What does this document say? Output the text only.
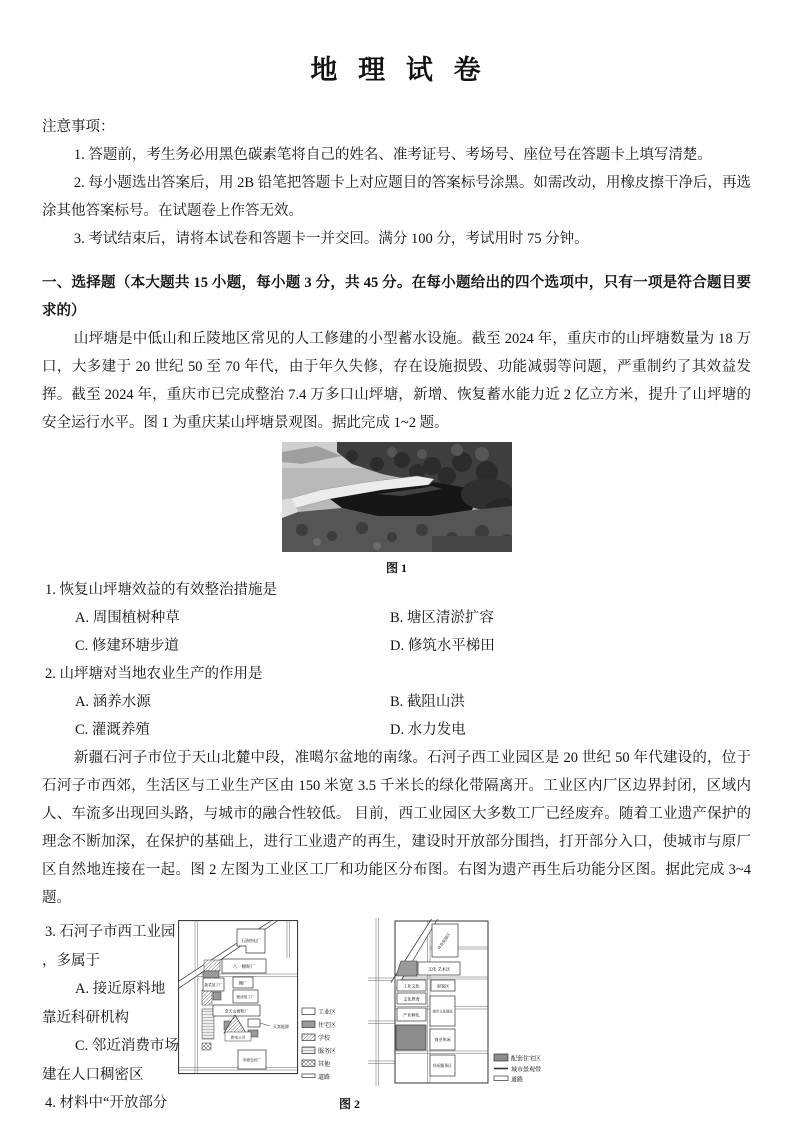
地 理 试 卷
注意事项：

1. 答题前，考生务必用黑色碳素笔将自己的姓名、准考证号、考场号、座位号在答题卡上填写清楚。

2. 每小题选出答案后，用 2B 铅笔把答题卡上对应题目的答案标号涂黑。如需改动，用橡皮擦干净后，再选涂其他答案标号。在试题卷上作答无效。

3. 考试结束后，请将本试卷和答题卡一并交回。满分 100 分，考试用时 75 分钟。

一、选择题（本大题共 15 小题，每小题 3 分，共 45 分。在每小题给出的四个选项中，只有一项是符合题目要求的）

山坪塘是中低山和丘陵地区常见的人工修建的小型蓄水设施。截至 2024 年，重庆市的山坪塘数量为 18 万口，大多建于 20 世纪 50 至 70 年代，由于年久失修，存在设施损毁、功能减弱等问题，严重制约了其效益发挥。截至 2024 年，重庆市已完成整治 7.4 万多口山坪塘，新增、恢复蓄水能力近 2 亿立方米，提升了山坪塘的安全运行水平。图 1 为重庆某山坪塘景观图。据此完成 1~2 题。

图 1

1. 恢复山坪塘效益的有效整治措施是

A. 周围植树种草	B. 塘区清淤扩容
C. 修建环塘步道	D. 修筑水平梯田

2. 山坪塘对当地农业生产的作用是

A. 涵养水源	B. 截阻山洪
C. 灌溉养殖	D. 水力发电

新疆石河子市位于天山北麓中段，准噶尔盆地的南缘。石河子西工业园区是 20 世纪 50 年代建设的，位于石河子市西郊，生活区与工业生产区由 150 米宽 3.5 千米长的绿化带隔离开。工业区内厂区边界封闭，区域内人、车流多出现回头路，与城市的融合性较低。 目前，西工业园区大多数工厂已经废弃。随着工业遗产保护的理念不断加深，在保护的基础上，进行工业遗产的再生，建设时开放部分围挡，打开部分入口，使城市与原厂区自然地连接在一起。图 2 左图为工业区工厂和功能区分布图。右图为遗产再生后功能分区图。据此完成 3~4 题。

3. 石河子市西工业园
，多属于
A. 接近原料地
靠近科研机构
C. 邻近消费市场
建在人口稠密区
4. 材料中“开放部分
石油热电厂
八一棉纺厂
蔬菜加工厂	糖厂
粮油加工厂
金天山面粉厂
天富能源
新电公司
如意色纺厂
工业区
住宅区
学校
服务区
其他
道路
体育爱阅区
文化·艺术区
工业文化	原貌区
文化教育
城市文化展览
产业孵化
商业休闲
休闲服务区
配套住宅区
城市景观带
道路
图 2
